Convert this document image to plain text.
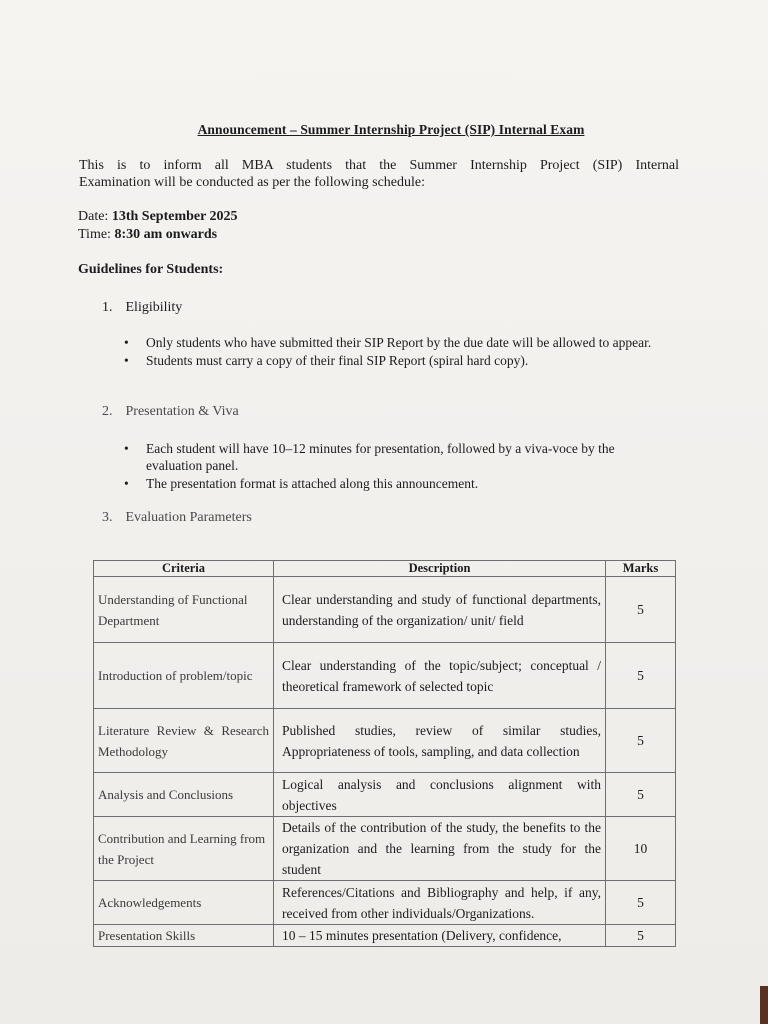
Announcement – Summer Internship Project (SIP) Internal Exam
This is to inform all MBA students that the Summer Internship Project (SIP) Internal
Examination will be conducted as per the following schedule:
Date: 13th September 2025
Time: 8:30 am onwards
Guidelines for Students:
1. Eligibility
• Only students who have submitted their SIP Report by the due date will be allowed to appear.
• Students must carry a copy of their final SIP Report (spiral hard copy).
2. Presentation & Viva
• Each student will have 10–12 minutes for presentation, followed by a viva-voce by the evaluation panel.
• The presentation format is attached along this announcement.
3. Evaluation Parameters
Criteria	Description	Marks
Understanding of Functional Department	Clear understanding and study of functional departments, understanding of the organization/ unit/ field	5
Introduction of problem/topic	Clear understanding of the topic/subject; conceptual / theoretical framework of selected topic	5

Literature Review & Research Methodology	Published studies, review of similar studies, Appropriateness of tools, sampling, and data collection	5
Analysis and Conclusions	Logical analysis and conclusions alignment with objectives	5
Contribution and Learning from the Project	Details of the contribution of the study, the benefits to the organization and the learning from the study for the student	10
Acknowledgements	References/Citations and Bibliography and help, if any, received from other individuals/Organizations.	5
Presentation Skills	10 – 15 minutes presentation (Delivery, confidence,	5
